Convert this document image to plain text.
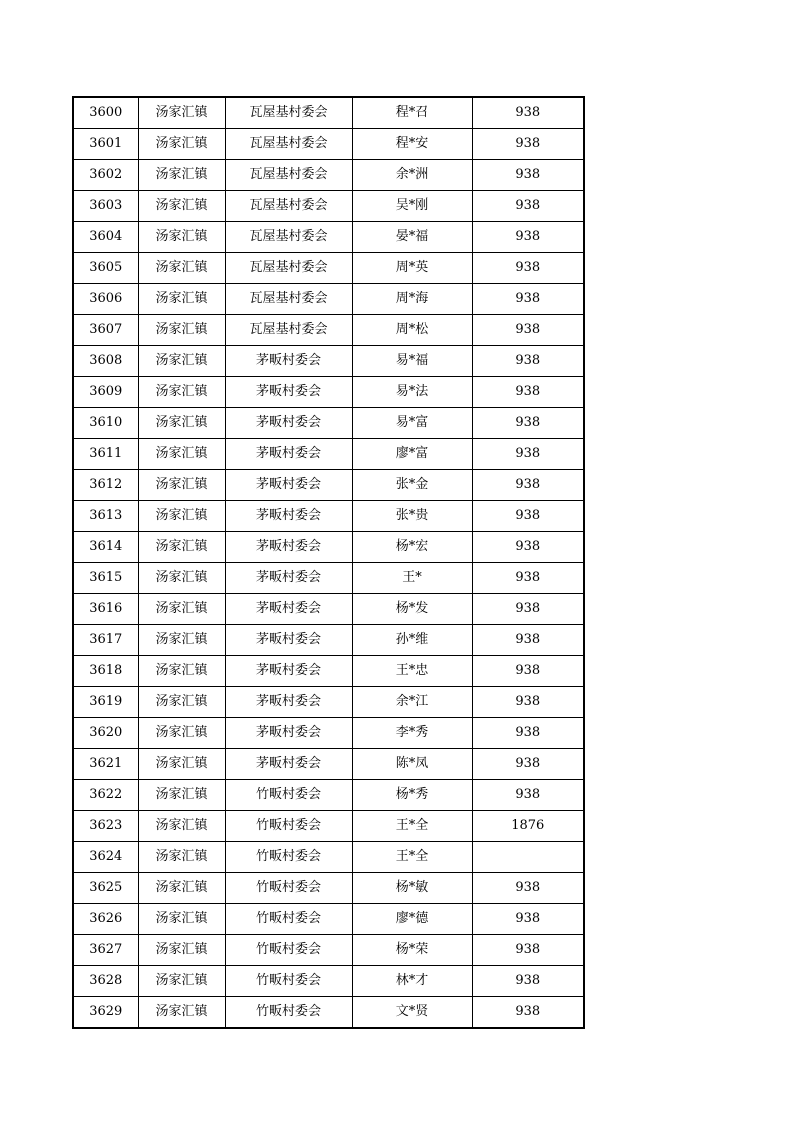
3600	汤家汇镇	瓦屋基村委会	程*召	938
3601	汤家汇镇	瓦屋基村委会	程*安	938
3602	汤家汇镇	瓦屋基村委会	余*洲	938
3603	汤家汇镇	瓦屋基村委会	吴*刚	938
3604	汤家汇镇	瓦屋基村委会	晏*福	938
3605	汤家汇镇	瓦屋基村委会	周*英	938
3606	汤家汇镇	瓦屋基村委会	周*海	938
3607	汤家汇镇	瓦屋基村委会	周*松	938
3608	汤家汇镇	茅畈村委会	易*福	938
3609	汤家汇镇	茅畈村委会	易*法	938
3610	汤家汇镇	茅畈村委会	易*富	938
3611	汤家汇镇	茅畈村委会	廖*富	938
3612	汤家汇镇	茅畈村委会	张*金	938
3613	汤家汇镇	茅畈村委会	张*贵	938
3614	汤家汇镇	茅畈村委会	杨*宏	938
3615	汤家汇镇	茅畈村委会	王*	938
3616	汤家汇镇	茅畈村委会	杨*发	938
3617	汤家汇镇	茅畈村委会	孙*维	938
3618	汤家汇镇	茅畈村委会	王*忠	938
3619	汤家汇镇	茅畈村委会	余*江	938
3620	汤家汇镇	茅畈村委会	李*秀	938
3621	汤家汇镇	茅畈村委会	陈*凤	938
3622	汤家汇镇	竹畈村委会	杨*秀	938
3623	汤家汇镇	竹畈村委会	王*全	1876
3624	汤家汇镇	竹畈村委会	王*全	
3625	汤家汇镇	竹畈村委会	杨*敏	938
3626	汤家汇镇	竹畈村委会	廖*德	938
3627	汤家汇镇	竹畈村委会	杨*荣	938
3628	汤家汇镇	竹畈村委会	林*才	938
3629	汤家汇镇	竹畈村委会	文*贤	938
